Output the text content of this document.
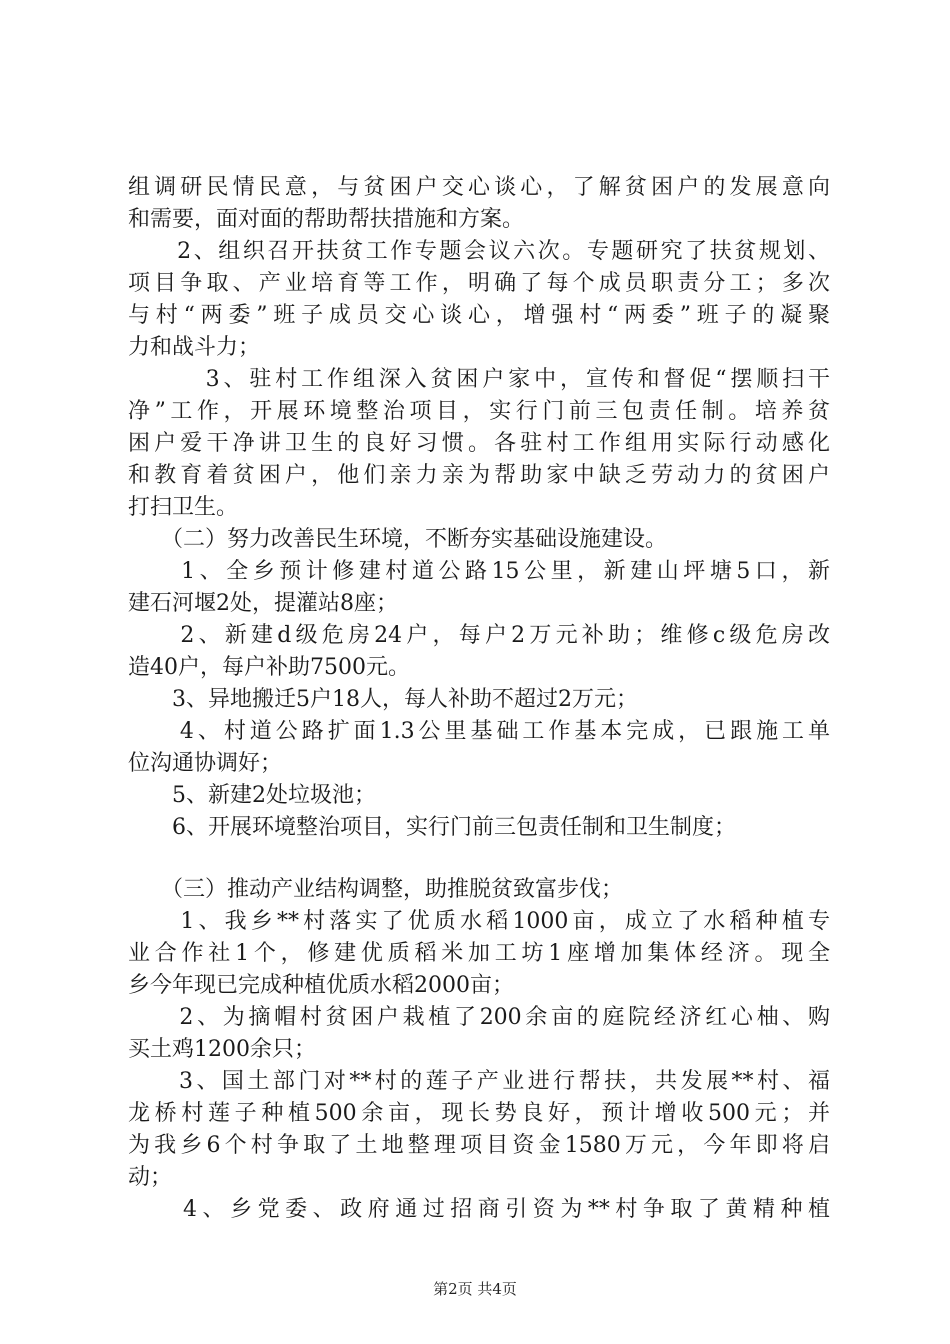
组调研民情民意，与贫困户交心谈心，了解贫困户的发展意向
和需要，面对面的帮助帮扶措施和方案。
　　2、组织召开扶贫工作专题会议六次。专题研究了扶贫规划、
项目争取、产业培育等工作，明确了每个成员职责分工；多次
与村“两委”班子成员交心谈心，增强村“两委”班子的凝聚
力和战斗力；
　　　3、驻村工作组深入贫困户家中，宣传和督促“摆顺扫干
净”工作，开展环境整治项目，实行门前三包责任制。培养贫
困户爱干净讲卫生的良好习惯。各驻村工作组用实际行动感化
和教育着贫困户，他们亲力亲为帮助家中缺乏劳动力的贫困户
打扫卫生。
　　（二）努力改善民生环境，不断夯实基础设施建设。
　　1、全乡预计修建村道公路15公里，新建山坪塘5口，新
建石河堰2处，提灌站8座；
　　2、新建d级危房24户，每户2万元补助；维修c级危房改
造40户，每户补助7500元。
　　3、异地搬迁5户18人，每人补助不超过2万元；
　　4、村道公路扩面1.3公里基础工作基本完成，已跟施工单
位沟通协调好；
　　5、新建2处垃圾池；
　　6、开展环境整治项目，实行门前三包责任制和卫生制度；
　　（三）推动产业结构调整，助推脱贫致富步伐；
　　1、我乡**村落实了优质水稻1000亩，成立了水稻种植专
业合作社1个，修建优质稻米加工坊1座增加集体经济。现全
乡今年现已完成种植优质水稻2000亩；
　　2、为摘帽村贫困户栽植了200余亩的庭院经济红心柚、购
买土鸡1200余只；
　　3、国土部门对**村的莲子产业进行帮扶，共发展**村、福
龙桥村莲子种植500余亩，现长势良好，预计增收500元；并
为我乡6个村争取了土地整理项目资金1580万元，今年即将启
动；
　　4、乡党委、政府通过招商引资为**村争取了黄精种植
第2页 共4页
